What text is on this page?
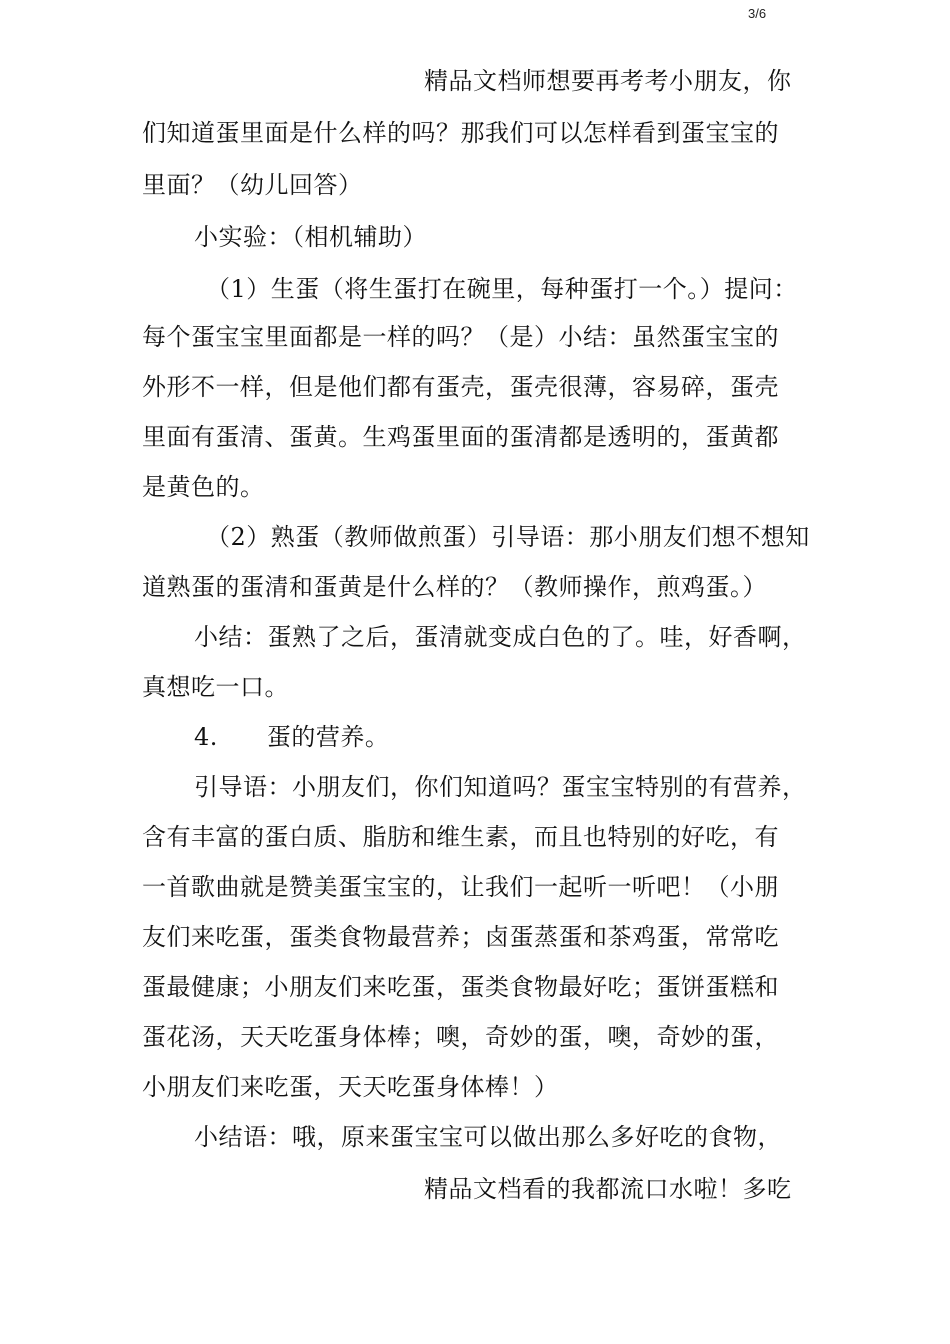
3/6
精品文档师想要再考考小朋友，你
们知道蛋里面是什么样的吗？那我们可以怎样看到蛋宝宝的
里面？（幼儿回答）
小实验：（相机辅助）
（1）生蛋（将生蛋打在碗里，每种蛋打一个。）提问：
每个蛋宝宝里面都是一样的吗？（是）小结：虽然蛋宝宝的
外形不一样，但是他们都有蛋壳，蛋壳很薄，容易碎，蛋壳
里面有蛋清、蛋黄。生鸡蛋里面的蛋清都是透明的，蛋黄都
是黄色的。
（2）熟蛋（教师做煎蛋）引导语：那小朋友们想不想知
道熟蛋的蛋清和蛋黄是什么样的？（教师操作，煎鸡蛋。）
小结：蛋熟了之后，蛋清就变成白色的了。哇，好香啊，
真想吃一口。
4.　　蛋的营养。
引导语：小朋友们，你们知道吗？蛋宝宝特别的有营养，
含有丰富的蛋白质、脂肪和维生素，而且也特别的好吃，有
一首歌曲就是赞美蛋宝宝的，让我们一起听一听吧！（小朋
友们来吃蛋，蛋类食物最营养；卤蛋蒸蛋和茶鸡蛋，常常吃
蛋最健康；小朋友们来吃蛋，蛋类食物最好吃；蛋饼蛋糕和
蛋花汤，天天吃蛋身体棒；噢，奇妙的蛋，噢，奇妙的蛋，
小朋友们来吃蛋，天天吃蛋身体棒！）
小结语：哦，原来蛋宝宝可以做出那么多好吃的食物，
精品文档看的我都流口水啦！多吃
